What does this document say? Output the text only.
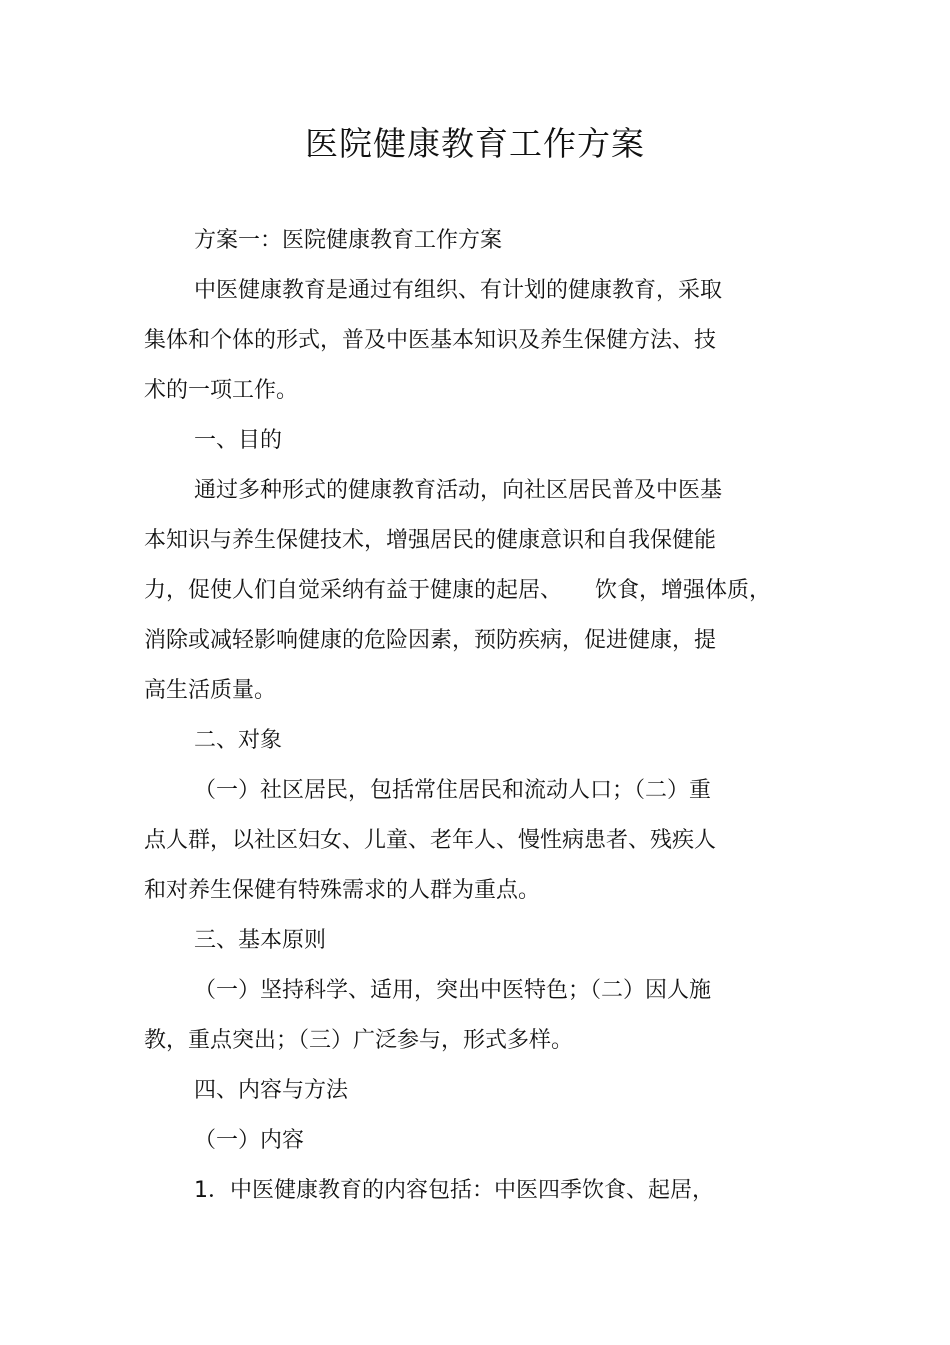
医院健康教育工作方案

方案一：医院健康教育工作方案

中医健康教育是通过有组织、有计划的健康教育，采取

集体和个体的形式，普及中医基本知识及养生保健方法、技

术的一项工作。

一、目的

通过多种形式的健康教育活动，向社区居民普及中医基

本知识与养生保健技术，增强居民的健康意识和自我保健能

力，促使人们自觉采纳有益于健康的起居、　　饮食，增强体质，

消除或减轻影响健康的危险因素，预防疾病，促进健康，提

高生活质量。

二、对象

（一）社区居民，包括常住居民和流动人口；（二）重

点人群，以社区妇女、儿童、老年人、慢性病患者、残疾人

和对养生保健有特殊需求的人群为重点。

三、基本原则

（一）坚持科学、适用，突出中医特色；（二）因人施

教，重点突出；（三）广泛参与，形式多样。

四、内容与方法

（一）内容

1．中医健康教育的内容包括：中医四季饮食、起居，
